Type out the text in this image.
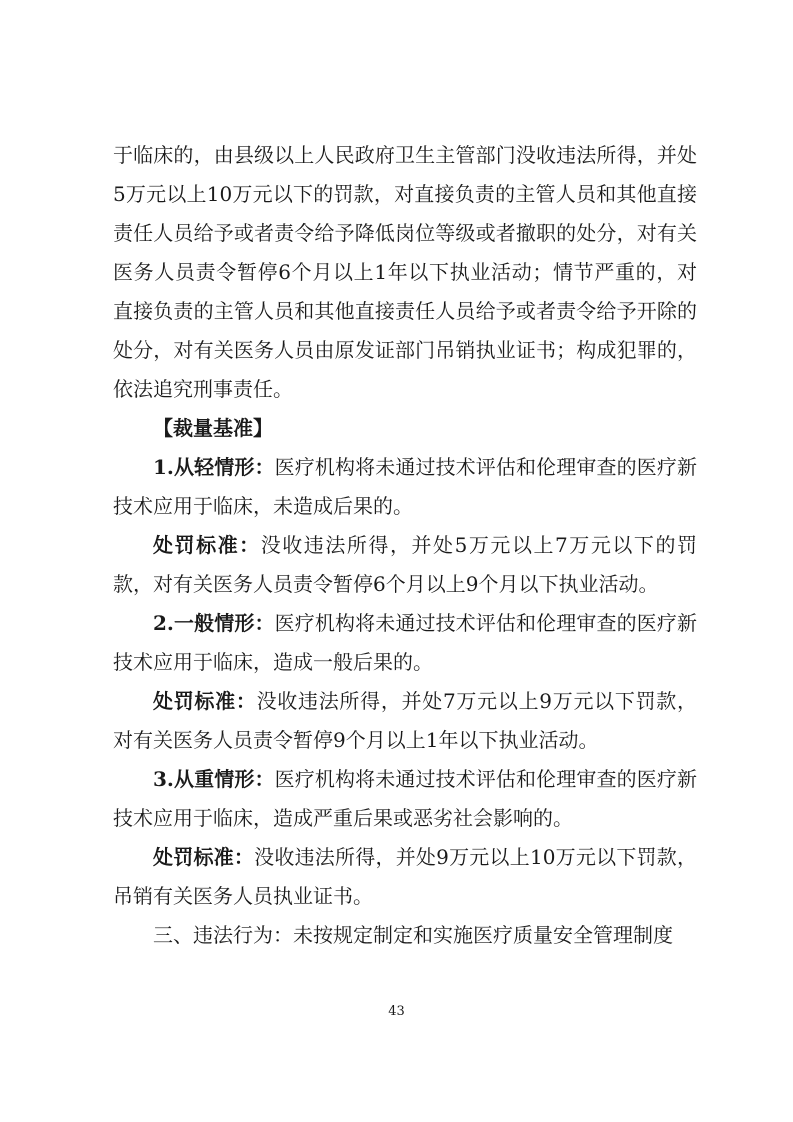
于临床的，由县级以上人民政府卫生主管部门没收违法所得，并处5万元以上10万元以下的罚款，对直接负责的主管人员和其他直接责任人员给予或者责令给予降低岗位等级或者撤职的处分，对有关医务人员责令暂停6个月以上1年以下执业活动；情节严重的，对直接负责的主管人员和其他直接责任人员给予或者责令给予开除的处分，对有关医务人员由原发证部门吊销执业证书；构成犯罪的，依法追究刑事责任。

【裁量基准】

1.从轻情形：医疗机构将未通过技术评估和伦理审查的医疗新技术应用于临床，未造成后果的。

处罚标准：没收违法所得，并处5万元以上7万元以下的罚款，对有关医务人员责令暂停6个月以上9个月以下执业活动。

2.一般情形：医疗机构将未通过技术评估和伦理审查的医疗新技术应用于临床，造成一般后果的。

处罚标准：没收违法所得，并处7万元以上9万元以下罚款，对有关医务人员责令暂停9个月以上1年以下执业活动。

3.从重情形：医疗机构将未通过技术评估和伦理审查的医疗新技术应用于临床，造成严重后果或恶劣社会影响的。

处罚标准：没收违法所得，并处9万元以上10万元以下罚款，吊销有关医务人员执业证书。

三、违法行为：未按规定制定和实施医疗质量安全管理制度

43
